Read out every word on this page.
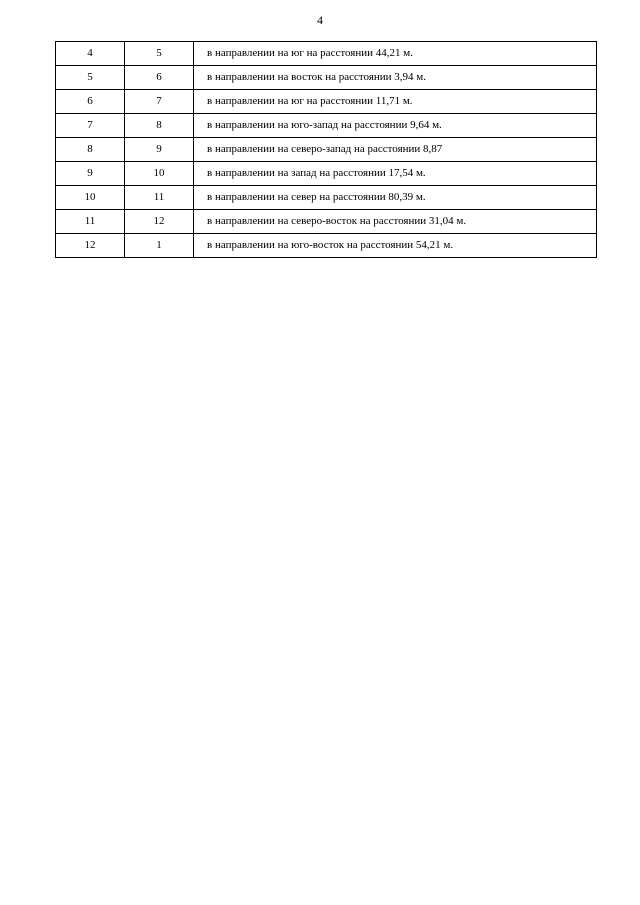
4
4	5	в направлении на юг на расстоянии 44,21 м.
5	6	в направлении на восток на расстоянии 3,94 м.
6	7	в направлении на юг на расстоянии 11,71 м.
7	8	в направлении на юго-запад на расстоянии 9,64 м.
8	9	в направлении на северо-запад на расстоянии 8,87
9	10	в направлении на запад на расстоянии 17,54 м.
10	11	в направлении на север на расстоянии 80,39 м.
11	12	в направлении на северо-восток на расстоянии 31,04 м.
12	1	в направлении на юго-восток на расстоянии 54,21 м.
